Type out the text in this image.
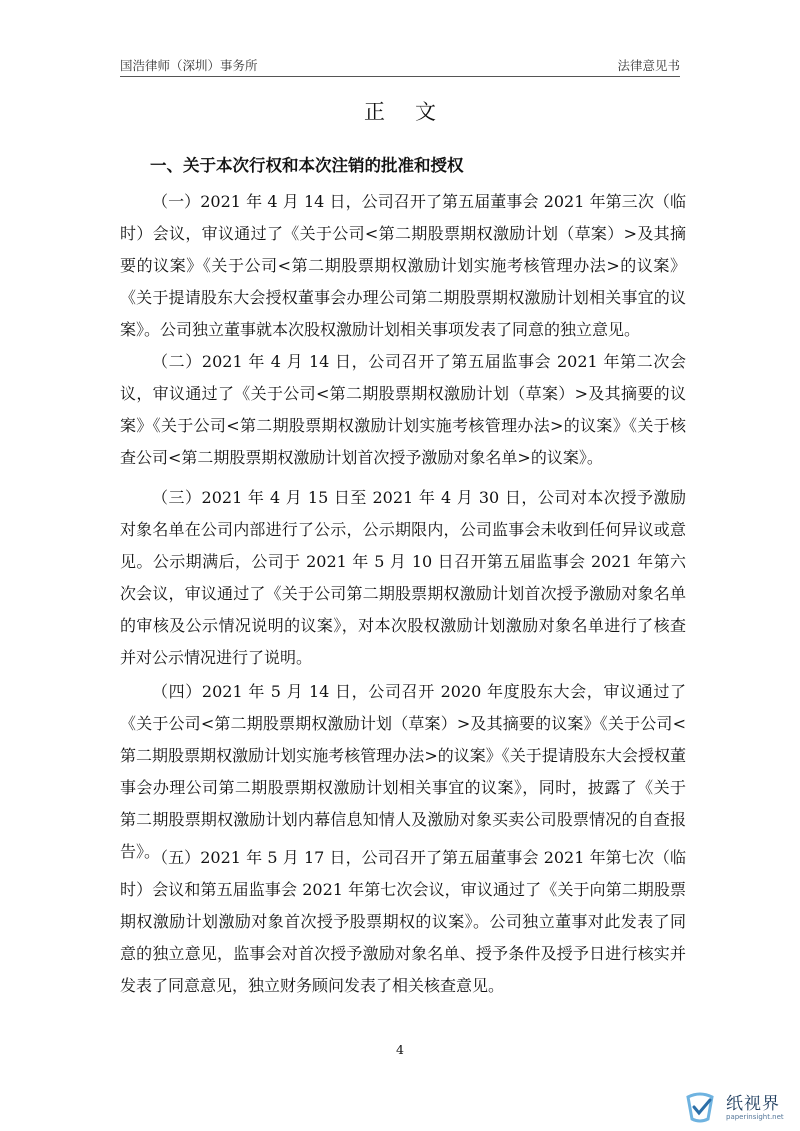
国浩律师（深圳）事务所	法律意见书
正文
一、关于本次行权和本次注销的批准和授权

（一）2021 年 4 月 14 日，公司召开了第五届董事会 2021 年第三次（临时）会议，审议通过了《关于公司<第二期股票期权激励计划（草案）>及其摘要的议案》《关于公司<第二期股票期权激励计划实施考核管理办法>的议案》《关于提请股东大会授权董事会办理公司第二期股票期权激励计划相关事宜的议案》。公司独立董事就本次股权激励计划相关事项发表了同意的独立意见。

（二）2021 年 4 月 14 日，公司召开了第五届监事会 2021 年第二次会议，审议通过了《关于公司<第二期股票期权激励计划（草案）>及其摘要的议案》《关于公司<第二期股票期权激励计划实施考核管理办法>的议案》《关于核查公司<第二期股票期权激励计划首次授予激励对象名单>的议案》。

（三）2021 年 4 月 15 日至 2021 年 4 月 30 日，公司对本次授予激励对象名单在公司内部进行了公示，公示期限内，公司监事会未收到任何异议或意见。公示期满后，公司于 2021 年 5 月 10 日召开第五届监事会 2021 年第六次会议，审议通过了《关于公司第二期股票期权激励计划首次授予激励对象名单的审核及公示情况说明的议案》，对本次股权激励计划激励对象名单进行了核查并对公示情况进行了说明。

（四）2021 年 5 月 14 日，公司召开 2020 年度股东大会，审议通过了《关于公司<第二期股票期权激励计划（草案）>及其摘要的议案》《关于公司<第二期股票期权激励计划实施考核管理办法>的议案》《关于提请股东大会授权董事会办理公司第二期股票期权激励计划相关事宜的议案》，同时，披露了《关于第二期股票期权激励计划内幕信息知情人及激励对象买卖公司股票情况的自查报告》。

（五）2021 年 5 月 17 日，公司召开了第五届董事会 2021 年第七次（临时）会议和第五届监事会 2021 年第七次会议，审议通过了《关于向第二期股票期权激励计划激励对象首次授予股票期权的议案》。公司独立董事对此发表了同意的独立意见，监事会对首次授予激励对象名单、授予条件及授予日进行核实并发表了同意意见，独立财务顾问发表了相关核查意见。

4
纸视界
paperinsight.net
